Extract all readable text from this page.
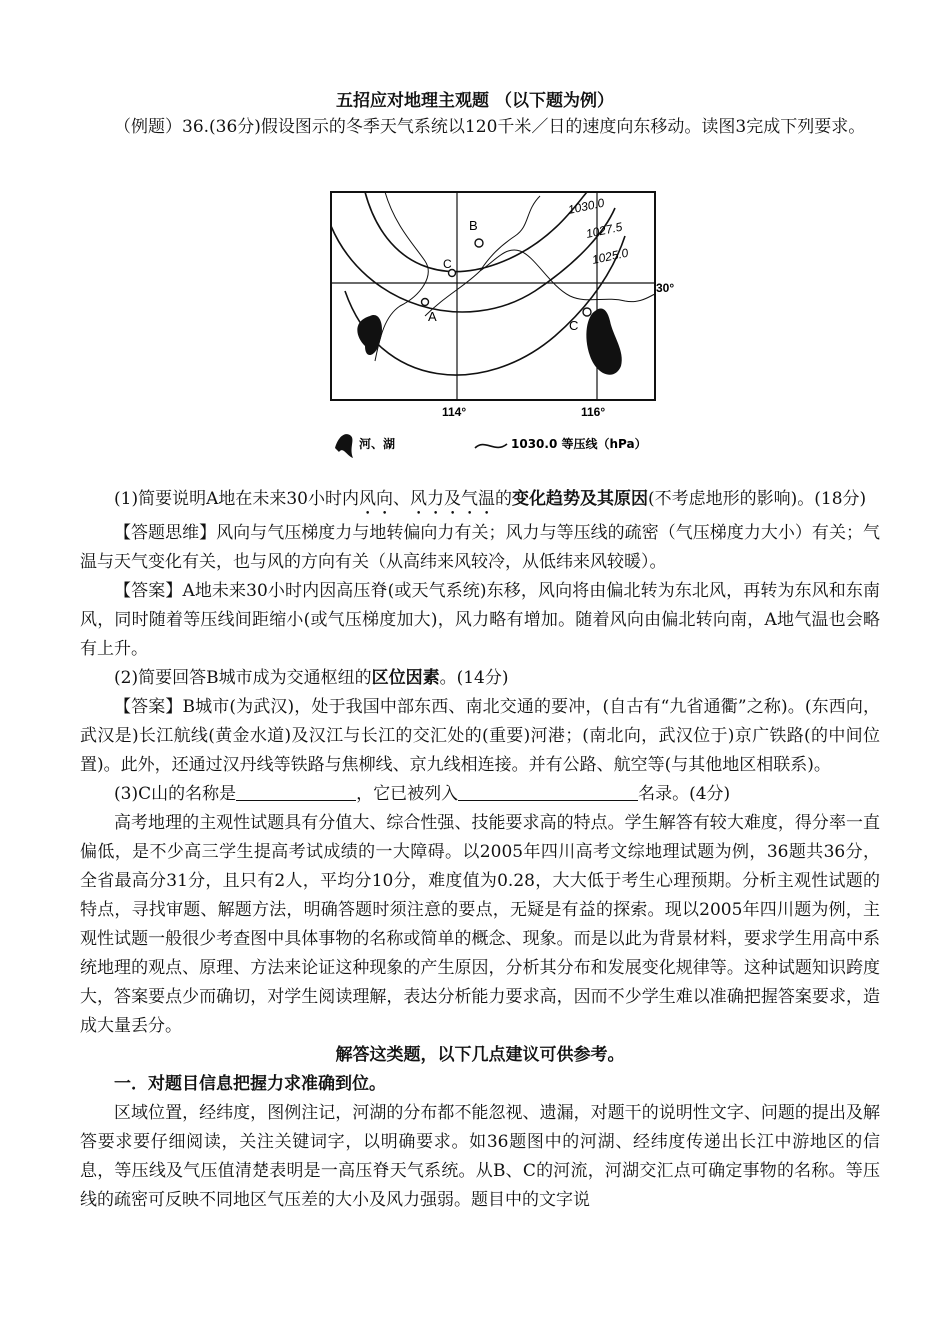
五招应对地理主观题 （以下题为例）

（例题）36.(36分)假设图示的冬季天气系统以120千米／日的速度向东移动。读图3完成下列要求。

B
C
A
C
1030.0
1027.5
1025.0
30°
114°	116°
河、湖	1030.0 等压线（hPa）

(1)简要说明A地在未来30小时内风向、风力及气温的变化趋势及其原因(不考虑地形的影响)。(18分)

【答题思维】风向与气压梯度力与地转偏向力有关；风力与等压线的疏密（气压梯度力大小）有关；气温与天气变化有关，也与风的方向有关（从高纬来风较冷，从低纬来风较暖）。

【答案】A地未来30小时内因高压脊(或天气系统)东移，风向将由偏北转为东北风，再转为东风和东南风，同时随着等压线间距缩小(或气压梯度加大)，风力略有增加。随着风向由偏北转向南，A地气温也会略有上升。

(2)简要回答B城市成为交通枢纽的区位因素。(14分)

【答案】B城市(为武汉)，处于我国中部东西、南北交通的要冲，(自古有“九省通衢”之称)。(东西向，武汉是)长江航线(黄金水道)及汉江与长江的交汇处的(重要)河港；(南北向，武汉位于)京广铁路(的中间位置)。此外，还通过汉丹线等铁路与焦柳线、京九线相连接。并有公路、航空等(与其他地区相联系)。

(3)C山的名称是	，它已被列入	名录。(4分)

高考地理的主观性试题具有分值大、综合性强、技能要求高的特点。学生解答有较大难度，得分率一直偏低，是不少高三学生提高考试成绩的一大障碍。以2005年四川高考文综地理试题为例，36题共36分，全省最高分31分，且只有2人，平均分10分，难度值为0.28，大大低于考生心理预期。分析主观性试题的特点，寻找审题、解题方法，明确答题时须注意的要点，无疑是有益的探索。现以2005年四川题为例，主观性试题一般很少考查图中具体事物的名称或简单的概念、现象。而是以此为背景材料，要求学生用高中系统地理的观点、原理、方法来论证这种现象的产生原因，分析其分布和发展变化规律等。这种试题知识跨度大，答案要点少而确切，对学生阅读理解，表达分析能力要求高，因而不少学生难以准确把握答案要求，造成大量丢分。

解答这类题，以下几点建议可供参考。

一．对题目信息把握力求准确到位。

区域位置，经纬度，图例注记，河湖的分布都不能忽视、遗漏，对题干的说明性文字、问题的提出及解答要求要仔细阅读，关注关键词字，以明确要求。如36题图中的河湖、经纬度传递出长江中游地区的信息，等压线及气压值清楚表明是一高压脊天气系统。从B、C的河流，河湖交汇点可确定事物的名称。等压线的疏密可反映不同地区气压差的大小及风力强弱。题目中的文字说
